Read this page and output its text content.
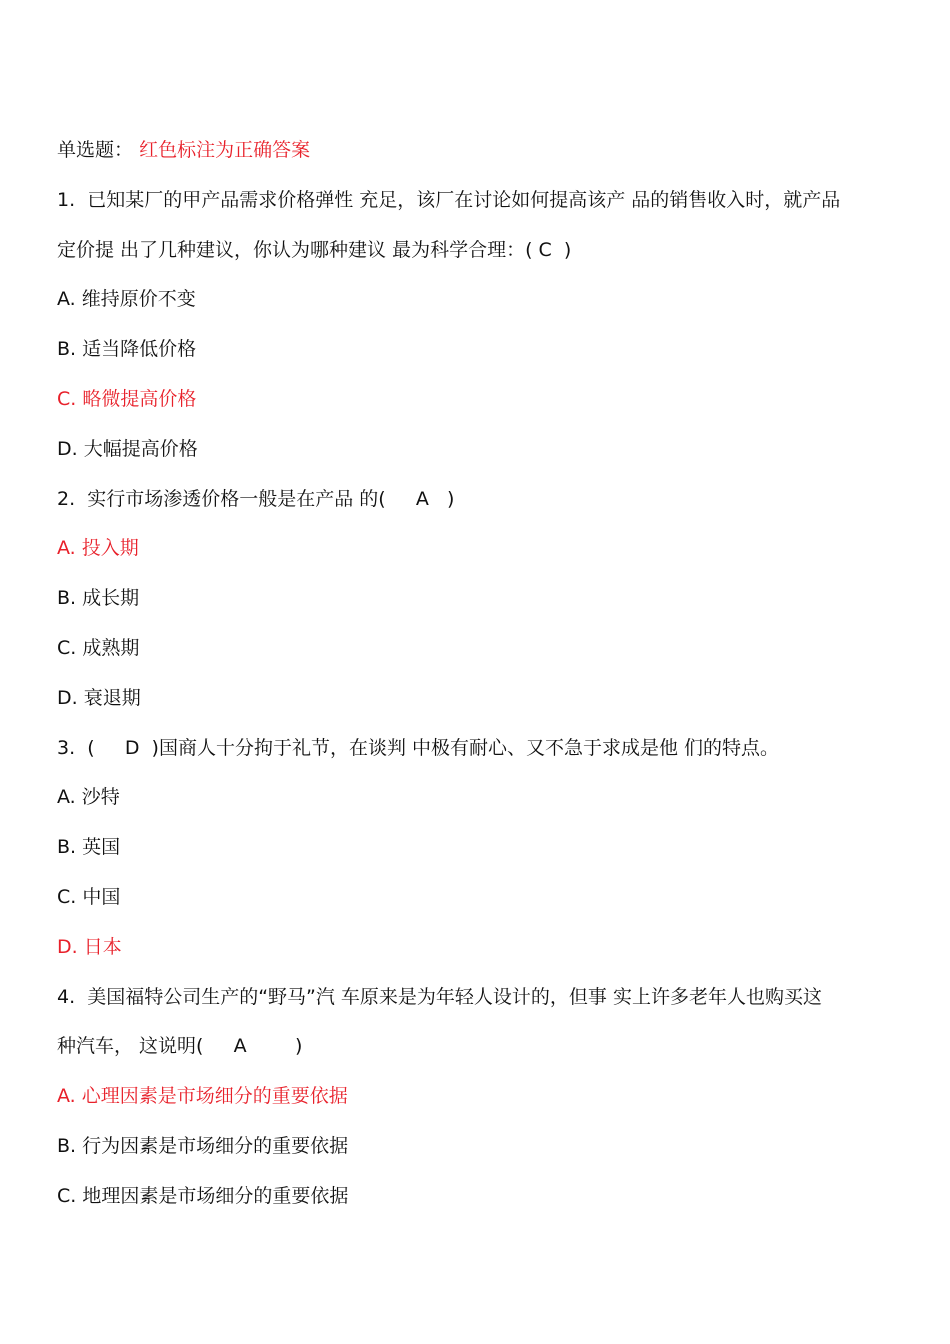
单选题： 红色标注为正确答案

1.  已知某厂的甲产品需求价格弹性 充足，该厂在讨论如何提高该产 品的销售收入时，就产品

定价提 出了几种建议，你认为哪种建议 最为科学合理：( C  )

A. 维持原价不变

B. 适当降低价格

C. 略微提高价格

D. 大幅提高价格

2.  实行市场渗透价格一般是在产品 的(     A   )

A. 投入期

B. 成长期

C. 成熟期

D. 衰退期

3.  (     D  )国商人十分拘于礼节，在谈判 中极有耐心、又不急于求成是他 们的特点。

A. 沙特

B. 英国

C. 中国

D. 日本

4.  美国福特公司生产的“野马”汽 车原来是为年轻人设计的，但事 实上许多老年人也购买这

种汽车， 这说明(     A        )

A. 心理因素是市场细分的重要依据

B. 行为因素是市场细分的重要依据

C. 地理因素是市场细分的重要依据
